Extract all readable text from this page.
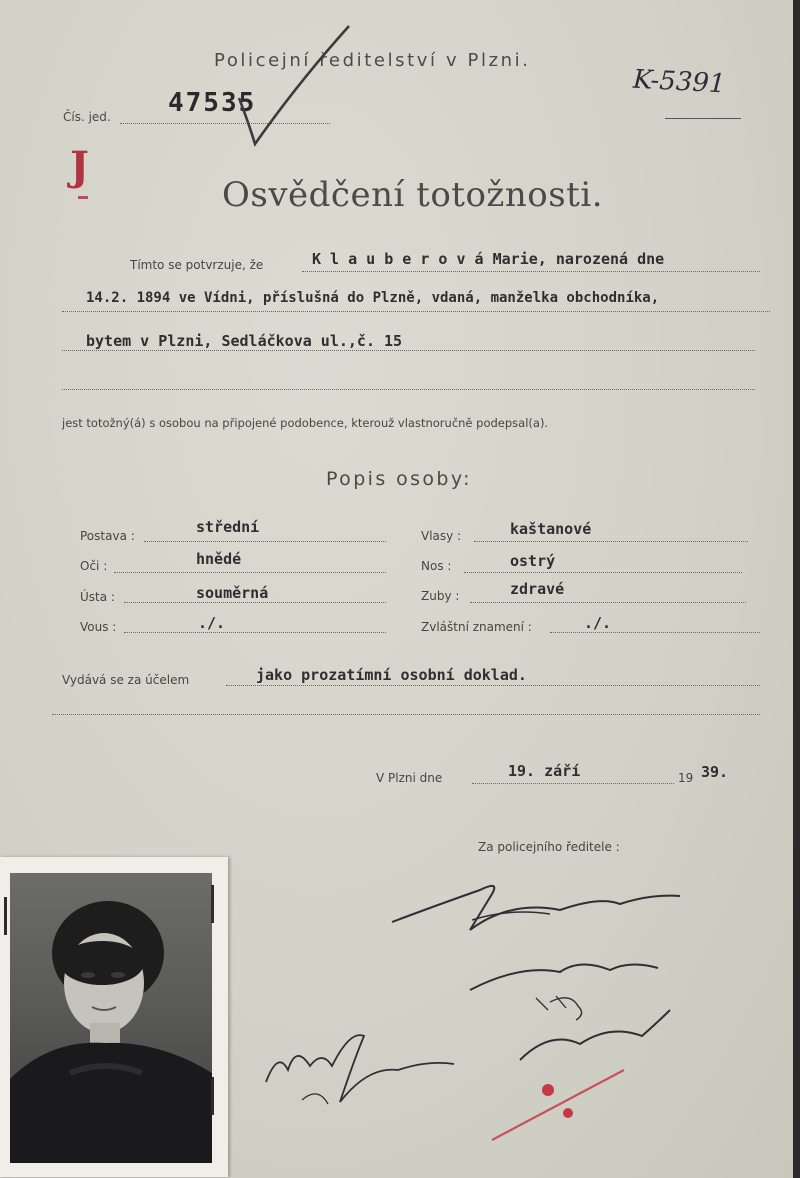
Policejní ředitelství v Plzni.
Čís. jed. 47535
K-5391
J
Osvědčení totožnosti.
Tímto se potvrzuje, že	K l a u b e r o v á Marie, narozená dne
14.2. 1894 ve Vídni, příslušná do Plzně, vdaná, manželka obchodníka,
bytem v Plzni, Sedláčkova ul.,č. 15
jest totožný(á) s osobou na připojené podobence, kterouž vlastnoručně podepsal(a).
Popis osoby:
Postava :	střední	Vlasy :	kaštanové
Oči :	hnědé	Nos :	ostrý
Ústa :	souměrná	Zuby :	zdravé
Vous :	./.	Zvláštní znamení :	./.
Vydává se za účelem	jako prozatímní osobní doklad.
V Plzni dne	19. září	19 39.
Za policejního ředitele :
